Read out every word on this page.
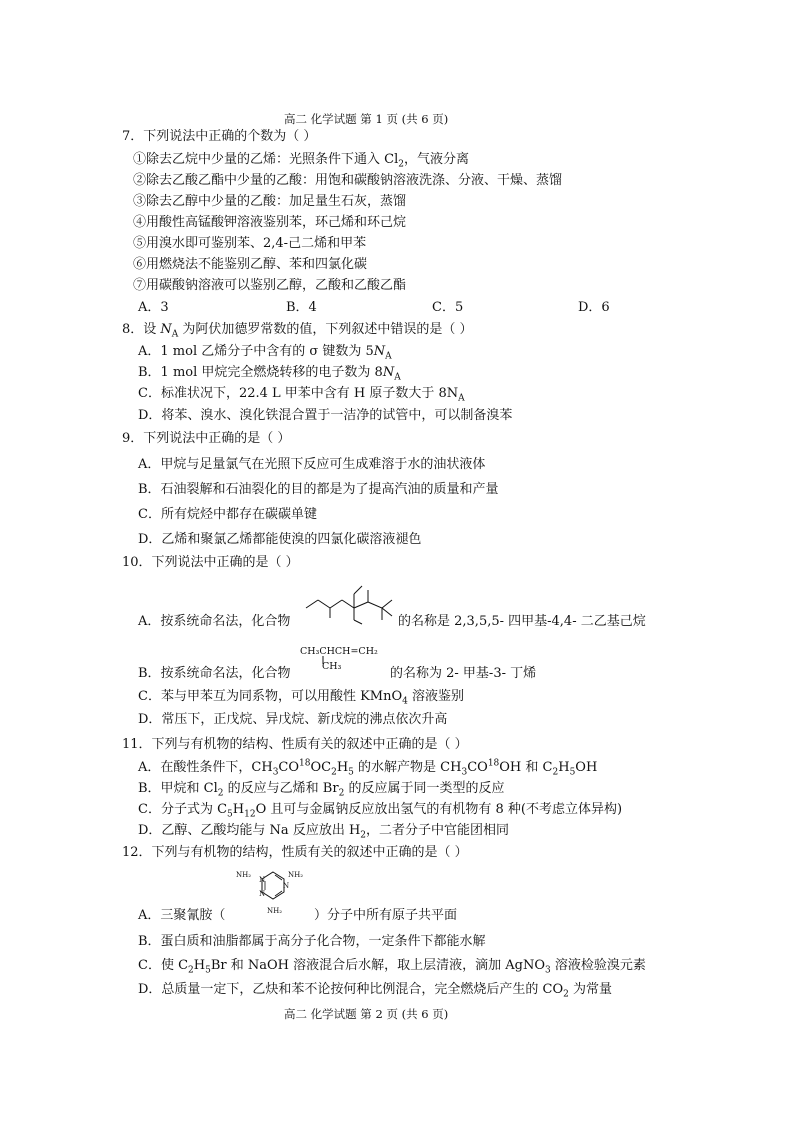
高二 化学试题 第 1 页 (共 6 页)
7．下列说法中正确的个数为（ ）
①除去乙烷中少量的乙烯：光照条件下通入 $Cl_2$，气液分离
②除去乙酸乙酯中少量的乙酸：用饱和碳酸钠溶液洗涤、分液、干燥、蒸馏
③除去乙醇中少量的乙酸：加足量生石灰，蒸馏
④用酸性高锰酸钾溶液鉴别苯，环己烯和环己烷
⑤用溴水即可鉴别苯、2,4-己二烯和甲苯
⑥用燃烧法不能鉴别乙醇、苯和四氯化碳
⑦用碳酸钠溶液可以鉴别乙醇，乙酸和乙酸乙酯
A．3	B．4	C．5	D．6
8．设 $N_A$ 为阿伏加德罗常数的值，下列叙述中错误的是（ ）
A．1 mol 乙烯分子中含有的 σ 键数为 $5N_A$
B．1 mol 甲烷完全燃烧转移的电子数为 $8N_A$
C．标准状况下，22.4 L 甲苯中含有 H 原子数大于 $8N_A$
D．将苯、溴水、溴化铁混合置于一洁净的试管中，可以制备溴苯
9．下列说法中正确的是（ ）
A．甲烷与足量氯气在光照下反应可生成难溶于水的油状液体
B．石油裂解和石油裂化的目的都是为了提高汽油的质量和产量
C．所有烷烃中都存在碳碳单键
D．乙烯和聚氯乙烯都能使溴的四氯化碳溶液褪色
10．下列说法中正确的是（ ）
A．按系统命名法，化合物	的名称是 2,3,5,5- 四甲基-4,4- 二乙基己烷
CH₃CHCH=CH₂
CH₃
B．按系统命名法，化合物	的名称为 2- 甲基-3- 丁烯
C．苯与甲苯互为同系物，可以用酸性 KMnO$_4$ 溶液鉴别
D．常压下，正戊烷、异戊烷、新戊烷的沸点依次升高
11．下列与有机物的结构、性质有关的叙述中正确的是（ ）
A．在酸性条件下，$CH_3CO^{18}OC_2H_5$ 的水解产物是 $CH_3CO^{18}OH$ 和 $C_2H_5OH$
B．甲烷和 $Cl_2$ 的反应与乙烯和 $Br_2$ 的反应属于同一类型的反应
C．分子式为 $C_5H_{12}O$ 且可与金属钠反应放出氢气的有机物有 8 种(不考虑立体异构)
D．乙醇、乙酸均能与 Na 反应放出 $H_2$，二者分子中官能团相同
12．下列与有机物的结构，性质有关的叙述中正确的是（ ）
NH₂	NH₂
NH₂
N
N
N
A．三聚氰胺（	）分子中所有原子共平面
B．蛋白质和油脂都属于高分子化合物，一定条件下都能水解
C．使 $C_2H_5Br$ 和 NaOH 溶液混合后水解，取上层清液，滴加 AgNO$_3$ 溶液检验溴元素
D．总质量一定下，乙炔和苯不论按何种比例混合，完全燃烧后产生的 $CO_2$ 为常量
高二 化学试题 第 2 页 (共 6 页)
